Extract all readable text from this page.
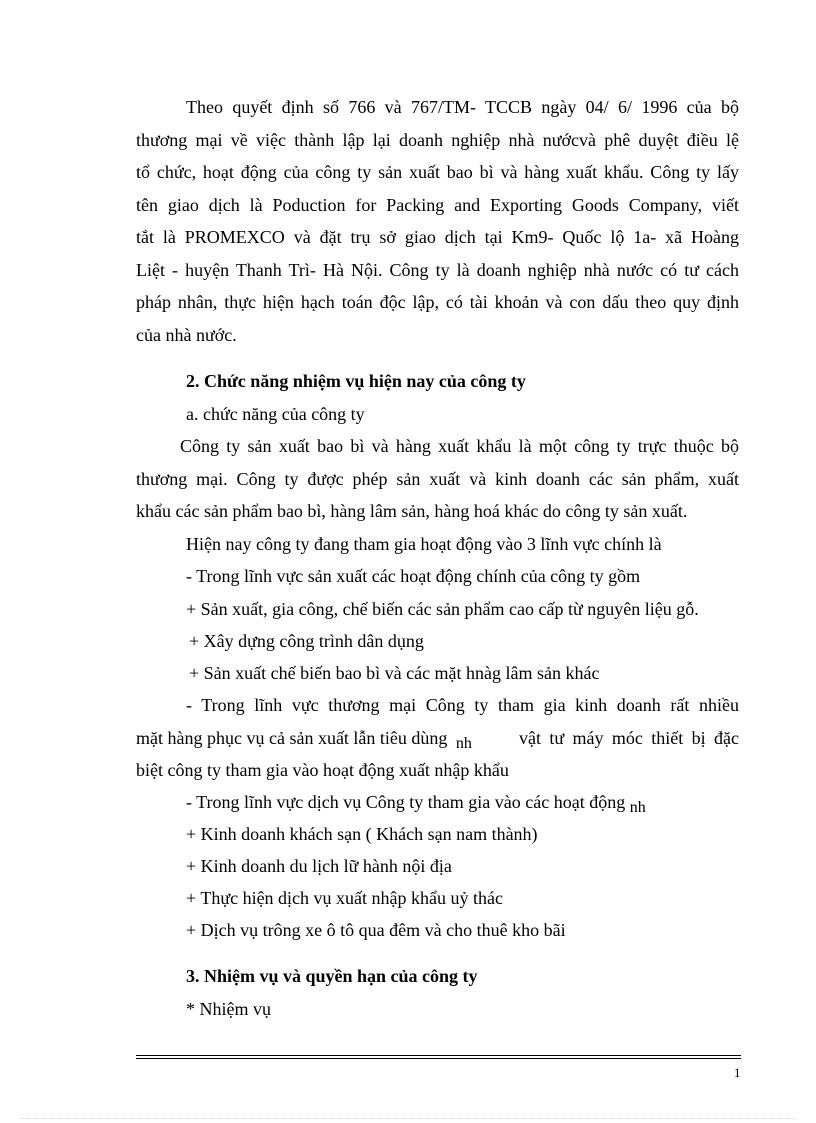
Theo quyết định số 766 và 767/TM- TCCB ngày 04/ 6/ 1996 của bộ
thương mại về việc thành lập lại doanh nghiệp nhà nướcvà phê duyệt điều lệ
tổ chức, hoạt động của công ty sản xuất bao bì và hàng xuất khẩu. Công ty lấy
tên giao dịch là Poduction for Packing and Exporting Goods Company, viết
tắt là PROMEXCO và đặt trụ sở giao dịch tại Km9- Quốc lộ 1a- xã Hoàng
Liệt - huyện Thanh Trì- Hà Nội. Công ty là doanh nghiệp nhà nước có tư cách
pháp nhân, thực hiện hạch toán độc lập, có tài khoản và con dấu theo quy định
của nhà nước.
2. Chức năng nhiệm vụ hiện nay của công ty
a. chức năng của công ty
Công ty sản xuất bao bì và hàng xuất khẩu là một công ty trực thuộc bộ
thương mại. Công ty được phép sản xuất và kinh doanh các sản phẩm, xuất
khẩu các sản phẩm bao bì, hàng lâm sản, hàng hoá khác do công ty sản xuất.
Hiện nay công ty đang tham gia hoạt động vào 3 lĩnh vực chính là
- Trong lĩnh vực sản xuất các hoạt động chính của công ty gồm
+ Sản xuất, gia công, chế biến các sản phẩm cao cấp từ nguyên liệu gỗ.
+ Xây dựng công trình dân dụng
+ Sản xuất chế biến bao bì và các mặt hnàg lâm sản khác
- Trong lĩnh vực thương mại Công ty tham gia kinh doanh rất nhiều
mặt hàng phục vụ cả sản xuất lẫn tiêu dùng nh	vật tư máy móc thiết bị đặc
biệt công ty tham gia vào hoạt động xuất nhập khẩu
- Trong lĩnh vực dịch vụ Công ty tham gia vào các hoạt động nh
+ Kinh doanh khách sạn ( Khách sạn nam thành)
+ Kinh doanh du lịch lữ hành nội địa
+ Thực hiện dịch vụ xuất nhập khẩu uỷ thác
+ Dịch vụ trông xe ô tô qua đêm và cho thuê kho bãi
3. Nhiệm vụ và quyền hạn của công ty
* Nhiệm vụ
1
